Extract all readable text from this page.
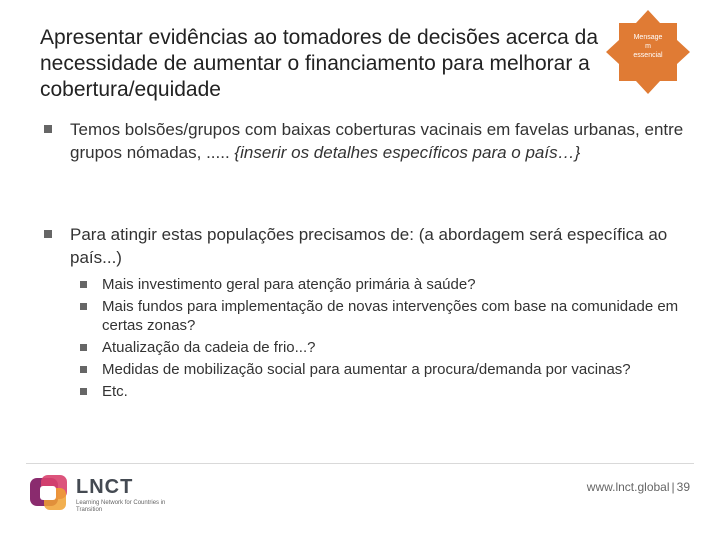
Apresentar evidências ao tomadores de decisões acerca da necessidade de aumentar o financiamento para melhorar a cobertura/equidade
Mensage
m
essencial
Temos bolsões/grupos com baixas coberturas vacinais em favelas urbanas, entre grupos nómadas, ..... {inserir os detalhes específicos para o país…}
Para atingir estas populações precisamos de: (a abordagem será específica ao país...)
Mais investimento geral para atenção primária à saúde?
Mais fundos para implementação de novas intervenções com base na comunidade em certas zonas?
Atualização da cadeia de frio...?
Medidas de mobilização social para aumentar a procura/demanda por vacinas?
Etc.
LNCT
Learning Network for Countries in Transition
www.lnct.global | 39
